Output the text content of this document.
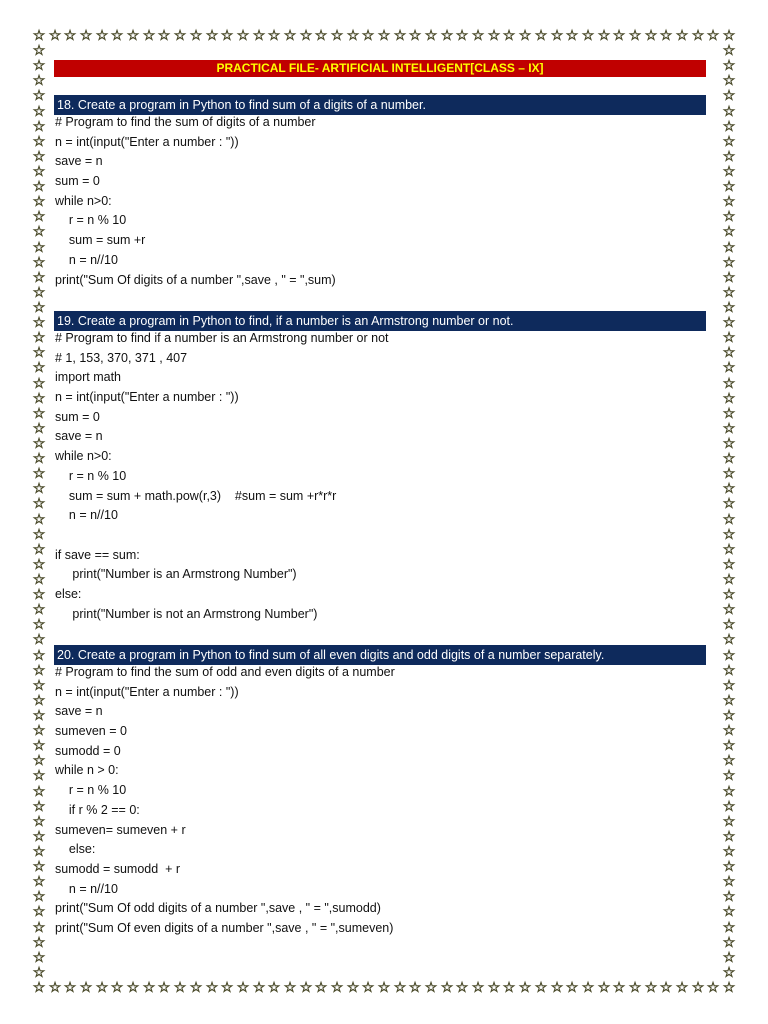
☆
☆
☆
☆
☆
☆
☆
☆
☆
☆
☆
☆
☆
☆
☆
☆
☆
☆
☆
☆
☆
☆
☆
☆
☆
☆
☆
☆
☆
☆
☆
☆
☆
☆
☆
☆
☆
☆
☆
☆
☆
☆
☆
☆
☆
☆
☆
☆
☆
☆
☆
☆
☆
☆
☆
☆
☆
☆
☆
☆
☆
☆
☆
☆
☆
☆
☆
☆
☆
☆
☆
☆
☆
☆
☆
☆
☆
☆
☆
☆
☆
☆
☆
☆
☆
☆
☆
☆
☆
☆
☆	☆
☆	☆
☆	☆
☆	☆
☆	☆
☆	☆
☆	☆
☆	☆
☆	☆
☆	☆
☆	☆
☆	☆
☆	☆
☆	☆
☆	☆
☆	☆
☆	☆
☆	☆
☆	☆
☆	☆
☆	☆
☆	☆
☆	☆
☆	☆
☆	☆
☆	☆
☆	☆
☆	☆
☆	☆
☆	☆
☆	☆
☆	☆
☆	☆
☆	☆
☆	☆
☆	☆
☆	☆
☆	☆
☆	☆
☆	☆
☆	☆
☆	☆
☆	☆
☆	☆
☆	☆
☆	☆
☆	☆
☆	☆
☆	☆
☆	☆
☆	☆
☆	☆
☆	☆
☆	☆
☆	☆
☆	☆
☆	☆
☆	☆
☆	☆
☆	☆
☆	☆
☆	☆
PRACTICAL FILE- ARTIFICIAL INTELLIGENT[CLASS – IX]
18. Create a program in Python to find sum of a digits of a number.
# Program to find the sum of digits of a number
n = int(input("Enter a number : "))
save = n
sum = 0
while n>0:
r = n % 10
sum = sum +r
n = n//10
print("Sum Of digits of a number ",save , " = ",sum)
19. Create a program in Python to find, if a number is an Armstrong number or not.
# Program to find if a number is an Armstrong number or not
# 1, 153, 370, 371 , 407
import math
n = int(input("Enter a number : "))
sum = 0
save = n
while n>0:
r = n % 10
sum = sum + math.pow(r,3)    #sum = sum +r*r*r
n = n//10
if save == sum:
print("Number is an Armstrong Number")
else:
print("Number is not an Armstrong Number")
20. Create a program in Python to find sum of all even digits and odd digits of a number separately.
# Program to find the sum of odd and even digits of a number
n = int(input("Enter a number : "))
save = n
sumeven = 0
sumodd = 0
while n > 0:
r = n % 10
if r % 2 == 0:
sumeven= sumeven + r
else:
sumodd = sumodd  + r
n = n//10
print("Sum Of odd digits of a number ",save , " = ",sumodd)
print("Sum Of even digits of a number ",save , " = ",sumeven)
